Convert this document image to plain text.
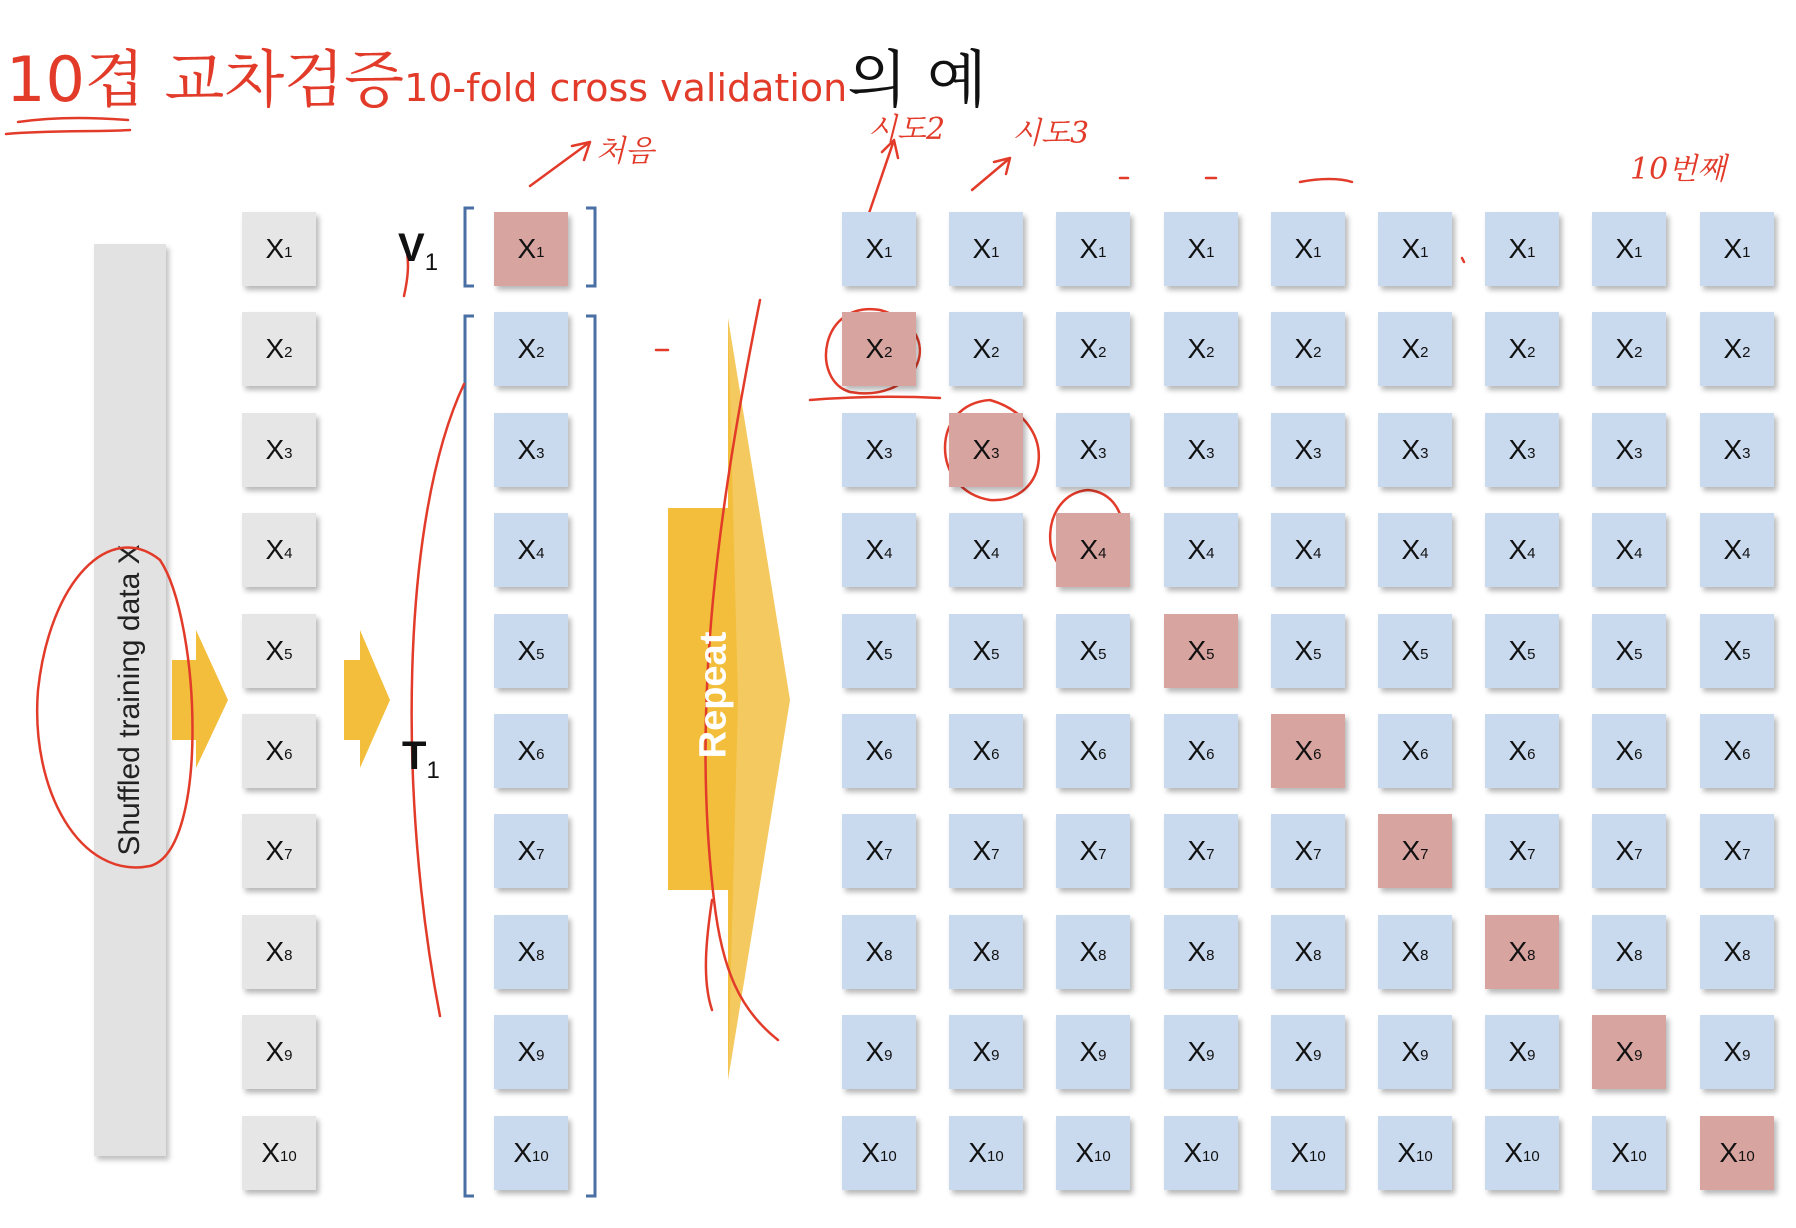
10겹 교차검증10-fold cross validation의 예
Shuffled training data X
처음
시도2 시도3
10번째
$V_1$
$T_1$
Repeat
$X_1$
$X_2$
$X_3$
$X_4$
$X_5$
$X_6$
$X_7$
$X_8$
$X_9$
$X_{10}$
$X_1$
$X_2$
$X_3$
$X_4$
$X_5$
$X_6$
$X_7$
$X_8$
$X_9$
$X_{10}$
$X_1$
$X_2$
$X_3$
$X_4$
$X_5$
$X_6$
$X_7$
$X_8$
$X_9$
$X_{10}$
$X_1$
$X_2$
$X_3$
$X_4$
$X_5$
$X_6$
$X_7$
$X_8$
$X_9$
$X_{10}$
$X_1$
$X_2$
$X_3$
$X_4$
$X_5$
$X_6$
$X_7$
$X_8$
$X_9$
$X_{10}$
$X_1$
$X_2$
$X_3$
$X_4$
$X_5$
$X_6$
$X_7$
$X_8$
$X_9$
$X_{10}$
$X_1$
$X_2$
$X_3$
$X_4$
$X_5$
$X_6$
$X_7$
$X_8$
$X_9$
$X_{10}$
$X_1$
$X_2$
$X_3$
$X_4$
$X_5$
$X_6$
$X_7$
$X_8$
$X_9$
$X_{10}$
$X_1$
$X_2$
$X_3$
$X_4$
$X_5$
$X_6$
$X_7$
$X_8$
$X_9$
$X_{10}$
$X_1$
$X_2$
$X_3$
$X_4$
$X_5$
$X_6$
$X_7$
$X_8$
$X_9$
$X_{10}$
$X_1$
$X_2$
$X_3$
$X_4$
$X_5$
$X_6$
$X_7$
$X_8$
$X_9$
$X_{10}$
